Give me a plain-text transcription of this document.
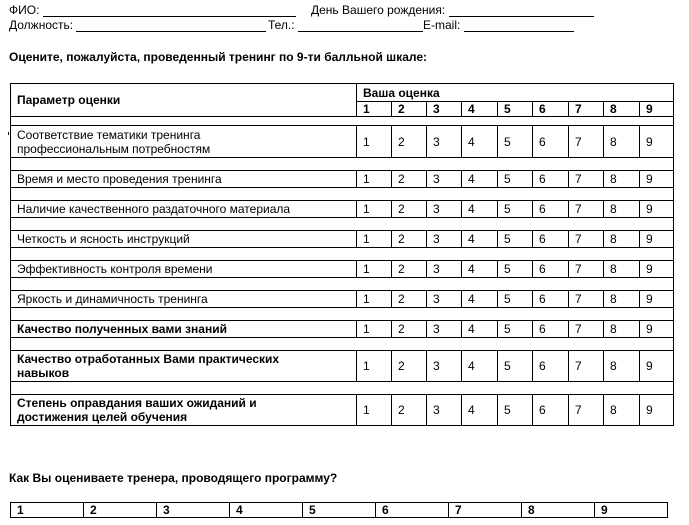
ФИО:	День Вашего рождения:
Должность:	Тел.:	E-mail:
Оцените, пожалуйста, проведенный тренинг по 9-ти балльной шкале:
Параметр оценки	Ваша оценка								
	1	2	3	4	5	6	7	8	9

Соответствие тематики тренинга профессиональным потребностям	1	2	3	4	5	6	7	8	9

Время и место проведения тренинга	1	2	3	4	5	6	7	8	9

Наличие качественного раздаточного материала	1	2	3	4	5	6	7	8	9

Четкость и ясность инструкций	1	2	3	4	5	6	7	8	9

Эффективность контроля времени	1	2	3	4	5	6	7	8	9

Яркость и динамичность тренинга	1	2	3	4	5	6	7	8	9

Качество полученных вами знаний	1	2	3	4	5	6	7	8	9

Качество отработанных Вами практических навыков	1	2	3	4	5	6	7	8	9

Степень оправдания ваших ожиданий и достижения целей обучения	1	2	3	4	5	6	7	8	9
Как Вы оцениваете тренера, проводящего программу?
1	2	3	4	5	6	7	8	9
